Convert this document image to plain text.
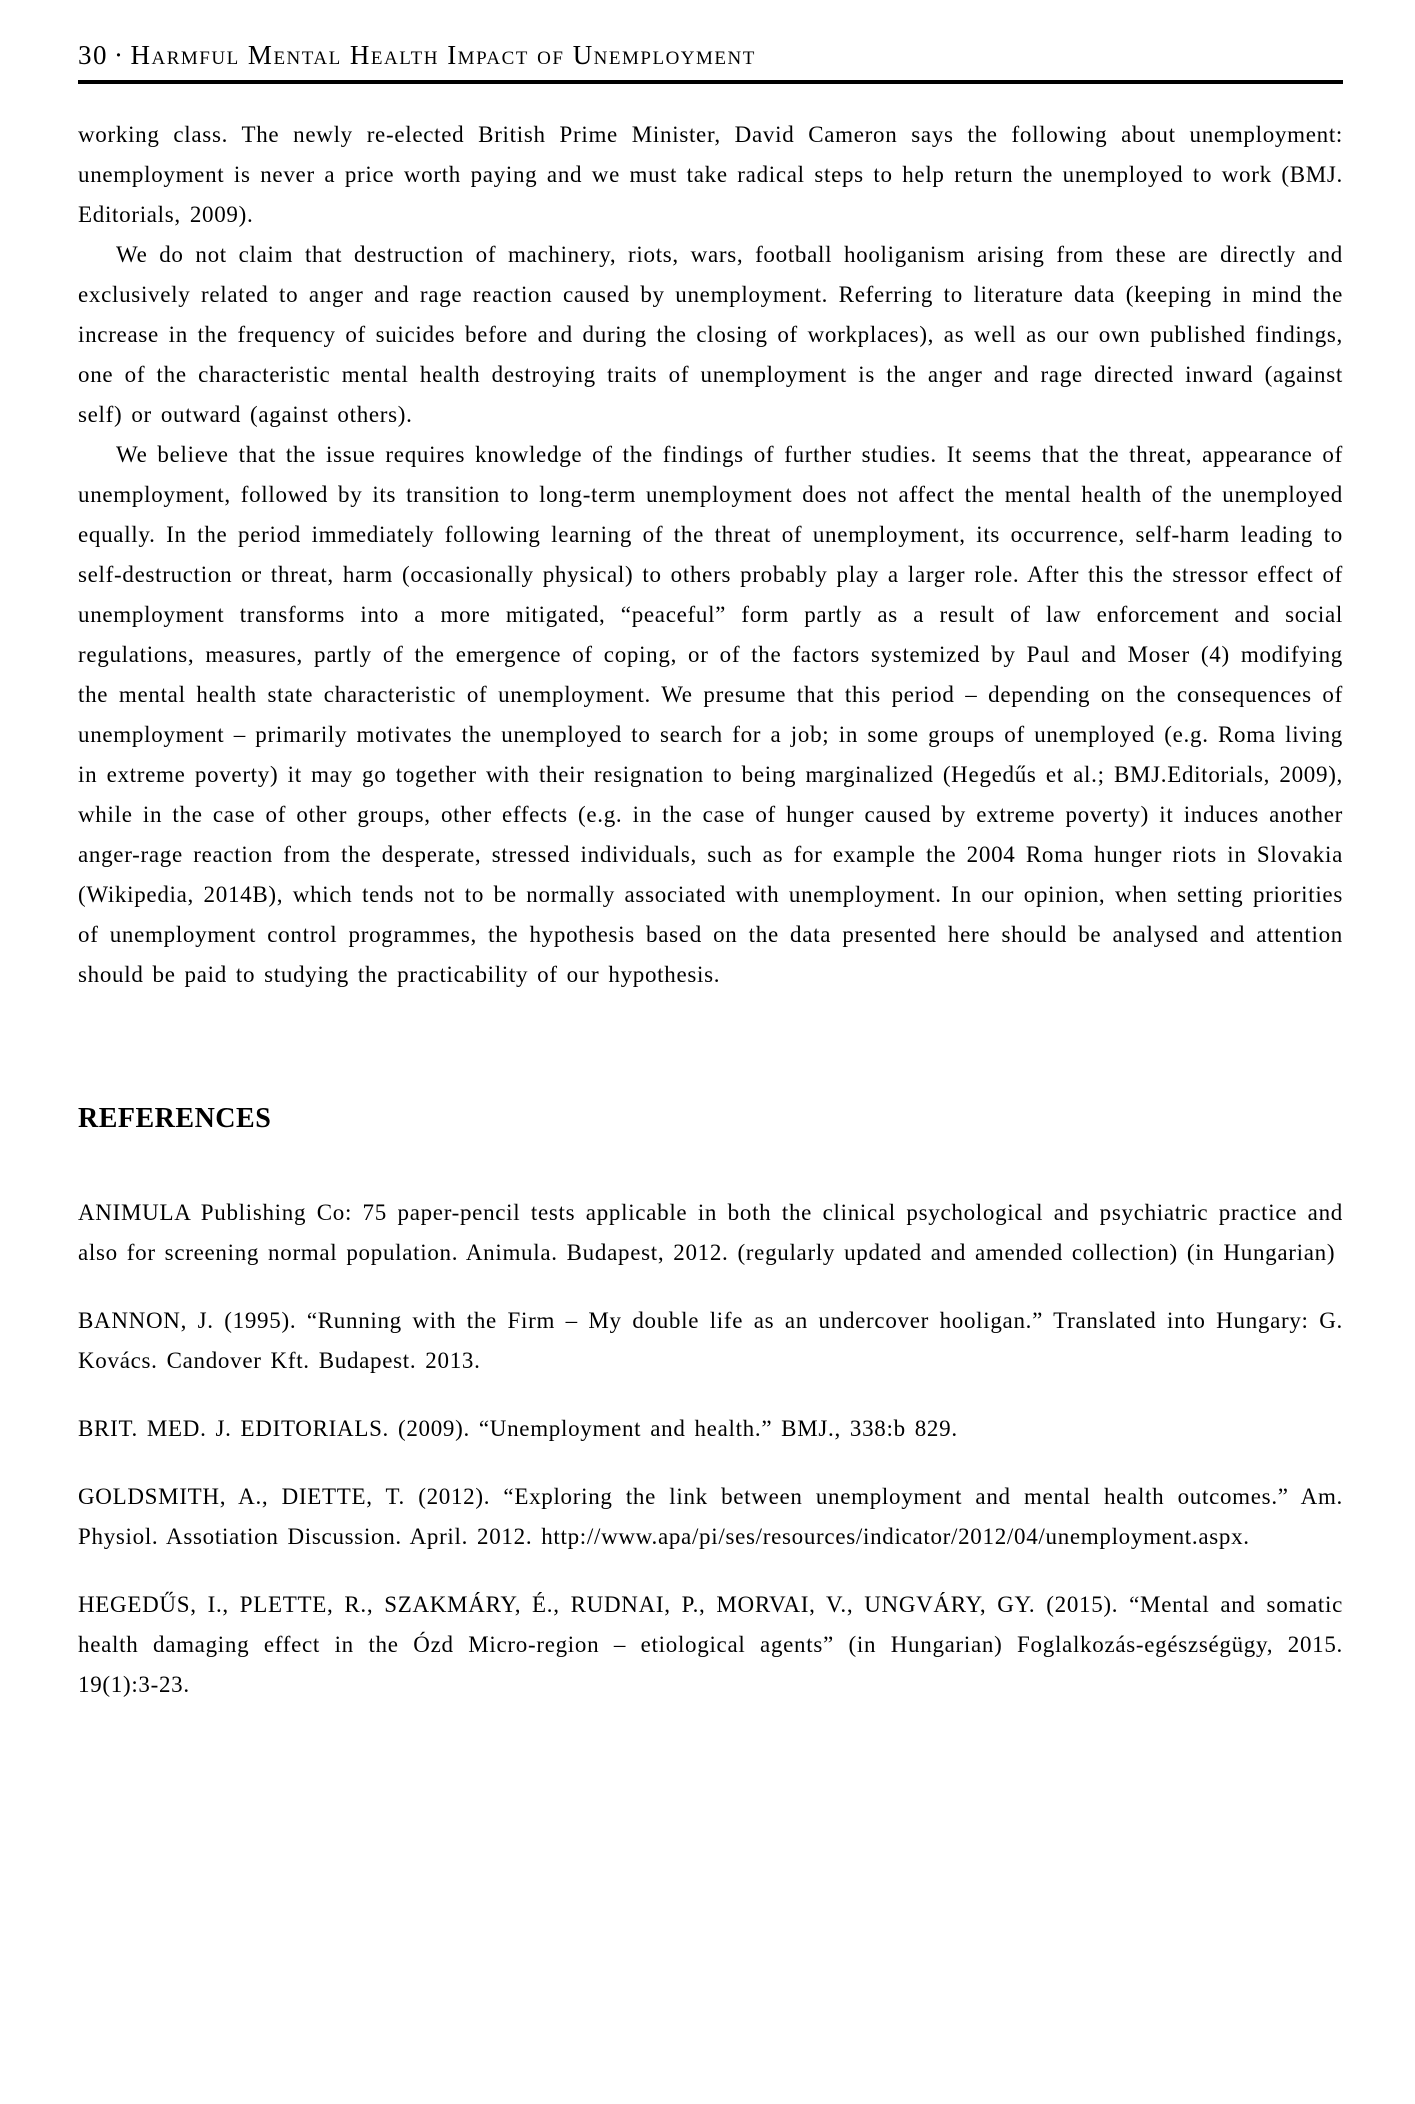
30 · Harmful Mental Health Impact of Unemployment

working class. The newly re-elected British Prime Minister, David Cameron says the following about unemployment: unemployment is never a price worth paying and we must take radical steps to help return the unemployed to work (BMJ. Editorials, 2009).

We do not claim that destruction of machinery, riots, wars, football hooliganism arising from these are directly and exclusively related to anger and rage reaction caused by unemployment. Referring to literature data (keeping in mind the increase in the frequency of suicides before and during the closing of workplaces), as well as our own published findings, one of the characteristic mental health destroying traits of unemployment is the anger and rage directed inward (against self) or outward (against others).

We believe that the issue requires knowledge of the findings of further studies. It seems that the threat, appearance of unemployment, followed by its transition to long-term unemployment does not affect the mental health of the unemployed equally. In the period immediately following learning of the threat of unemployment, its occurrence, self-harm leading to self-destruction or threat, harm (occasionally physical) to others probably play a larger role. After this the stressor effect of unemployment transforms into a more mitigated, “peaceful” form partly as a result of law enforcement and social regulations, measures, partly of the emergence of coping, or of the factors systemized by Paul and Moser (4) modifying the mental health state characteristic of unemployment. We presume that this period – depending on the consequences of unemployment – primarily motivates the unemployed to search for a job; in some groups of unemployed (e.g. Roma living in extreme poverty) it may go together with their resignation to being marginalized (Hegedűs et al.; BMJ.Editorials, 2009), while in the case of other groups, other effects (e.g. in the case of hunger caused by extreme poverty) it induces another anger-rage reaction from the desperate, stressed individuals, such as for example the 2004 Roma hunger riots in Slovakia (Wikipedia, 2014B), which tends not to be normally associated with unemployment. In our opinion, when setting priorities of unemployment control programmes, the hypothesis based on the data presented here should be analysed and attention should be paid to studying the practicability of our hypothesis.

REFERENCES

ANIMULA Publishing Co: 75 paper-pencil tests applicable in both the clinical psychological and psychiatric practice and also for screening normal population. Animula. Budapest, 2012. (regularly updated and amended collection) (in Hungarian)

BANNON, J. (1995). “Running with the Firm – My double life as an undercover hooligan.” Translated into Hungary: G. Kovács. Candover Kft. Budapest. 2013.

BRIT. MED. J. EDITORIALS. (2009). “Unemployment and health.” BMJ., 338:b 829.

GOLDSMITH, A., DIETTE, T. (2012). “Exploring the link between unemployment and mental health outcomes.” Am. Physiol. Assotiation Discussion. April. 2012. http://www.apa/pi/ses/resources/indicator/2012/04/unemployment.aspx.

HEGEDŰS, I., PLETTE, R., SZAKMÁRY, É., RUDNAI, P., MORVAI, V., UNGVÁRY, GY. (2015). “Mental and somatic health damaging effect in the Ózd Micro-region – etiological agents” (in Hungarian) Foglalkozás-egészségügy, 2015. 19(1):3-23.
